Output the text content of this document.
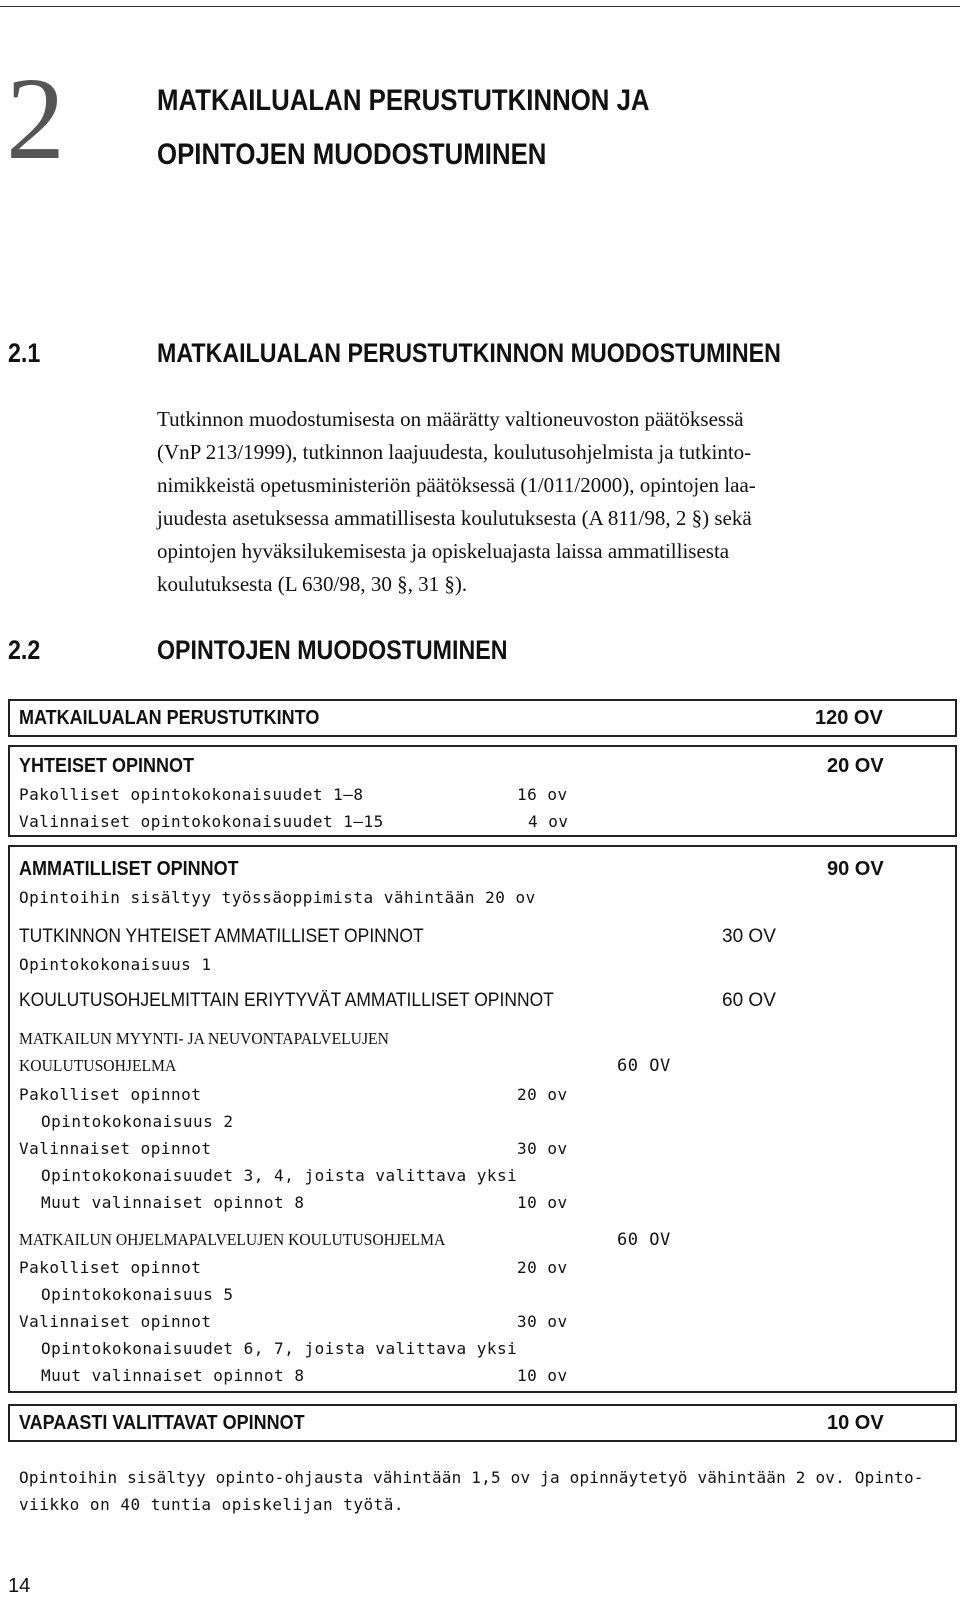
2	MATKAILUALAN PERUSTUTKINNON JA
OPINTOJEN MUODOSTUMINEN
2.1	MATKAILUALAN PERUSTUTKINNON MUODOSTUMINEN
Tutkinnon muodostumisesta on määrätty valtioneuvoston päätöksessä
(VnP 213/1999), tutkinnon laajuudesta, koulutusohjelmista ja tutkinto-
nimikkeistä opetusministeriön päätöksessä (1/011/2000), opintojen laa-
juudesta asetuksessa ammatillisesta koulutuksesta (A 811/98, 2 §) sekä
opintojen hyväksilukemisesta ja opiskeluajasta laissa ammatillisesta
koulutuksesta (L 630/98, 30 §, 31 §).
2.2	OPINTOJEN MUODOSTUMINEN
MATKAILUALAN PERUSTUTKINTO	120 OV
YHTEISET OPINNOT	20 OV
Pakolliset opintokokonaisuudet 1–8	16 ov
Valinnaiset opintokokonaisuudet 1–15	4 ov
AMMATILLISET OPINNOT	90 OV
Opintoihin sisältyy työssäoppimista vähintään 20 ov
TUTKINNON YHTEISET AMMATILLISET OPINNOT	30 OV
Opintokokonaisuus 1
KOULUTUSOHJELMITTAIN ERIYTYVÄT AMMATILLISET OPINNOT	60 OV
MATKAILUN MYYNTI- JA NEUVONTAPALVELUJEN
KOULUTUSOHJELMA	60 OV
Pakolliset opinnot	20 ov
Opintokokonaisuus 2
Valinnaiset opinnot	30 ov
Opintokokonaisuudet 3, 4, joista valittava yksi
Muut valinnaiset opinnot 8	10 ov
MATKAILUN OHJELMAPALVELUJEN KOULUTUSOHJELMA	60 OV
Pakolliset opinnot	20 ov
Opintokokonaisuus 5
Valinnaiset opinnot	30 ov
Opintokokonaisuudet 6, 7, joista valittava yksi
Muut valinnaiset opinnot 8	10 ov
VAPAASTI VALITTAVAT OPINNOT	10 OV
Opintoihin sisältyy opinto-ohjausta vähintään 1,5 ov ja opinnäytetyö vähintään 2 ov. Opinto-
viikko on 40 tuntia opiskelijan työtä.
14
